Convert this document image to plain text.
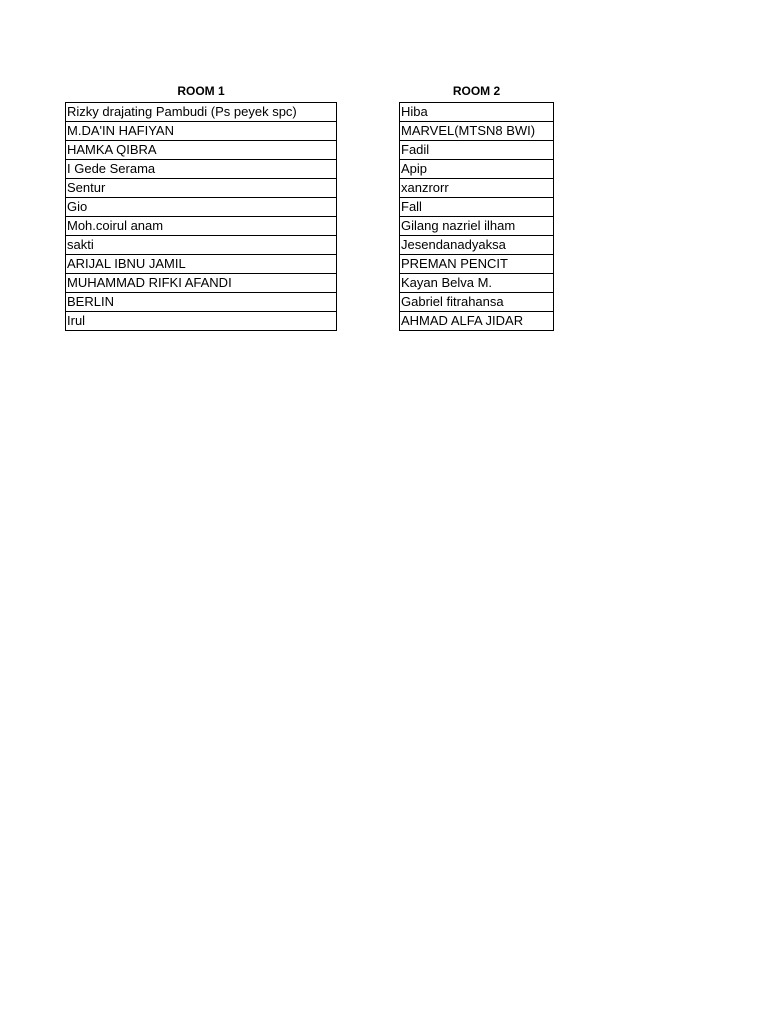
ROOM 1
Rizky drajating Pambudi (Ps peyek spc)
M.DA'IN HAFIYAN
HAMKA QIBRA
I Gede Serama
Sentur
Gio
Moh.coirul anam
sakti
ARIJAL IBNU JAMIL
MUHAMMAD RIFKI AFANDI
BERLIN
Irul
ROOM 2
Hiba
MARVEL(MTSN8 BWI)
Fadil
Apip
xanzrorr
Fall
Gilang nazriel ilham
Jesendanadyaksa
PREMAN PENCIT
Kayan Belva M.
Gabriel fitrahansa
AHMAD ALFA JIDAR
